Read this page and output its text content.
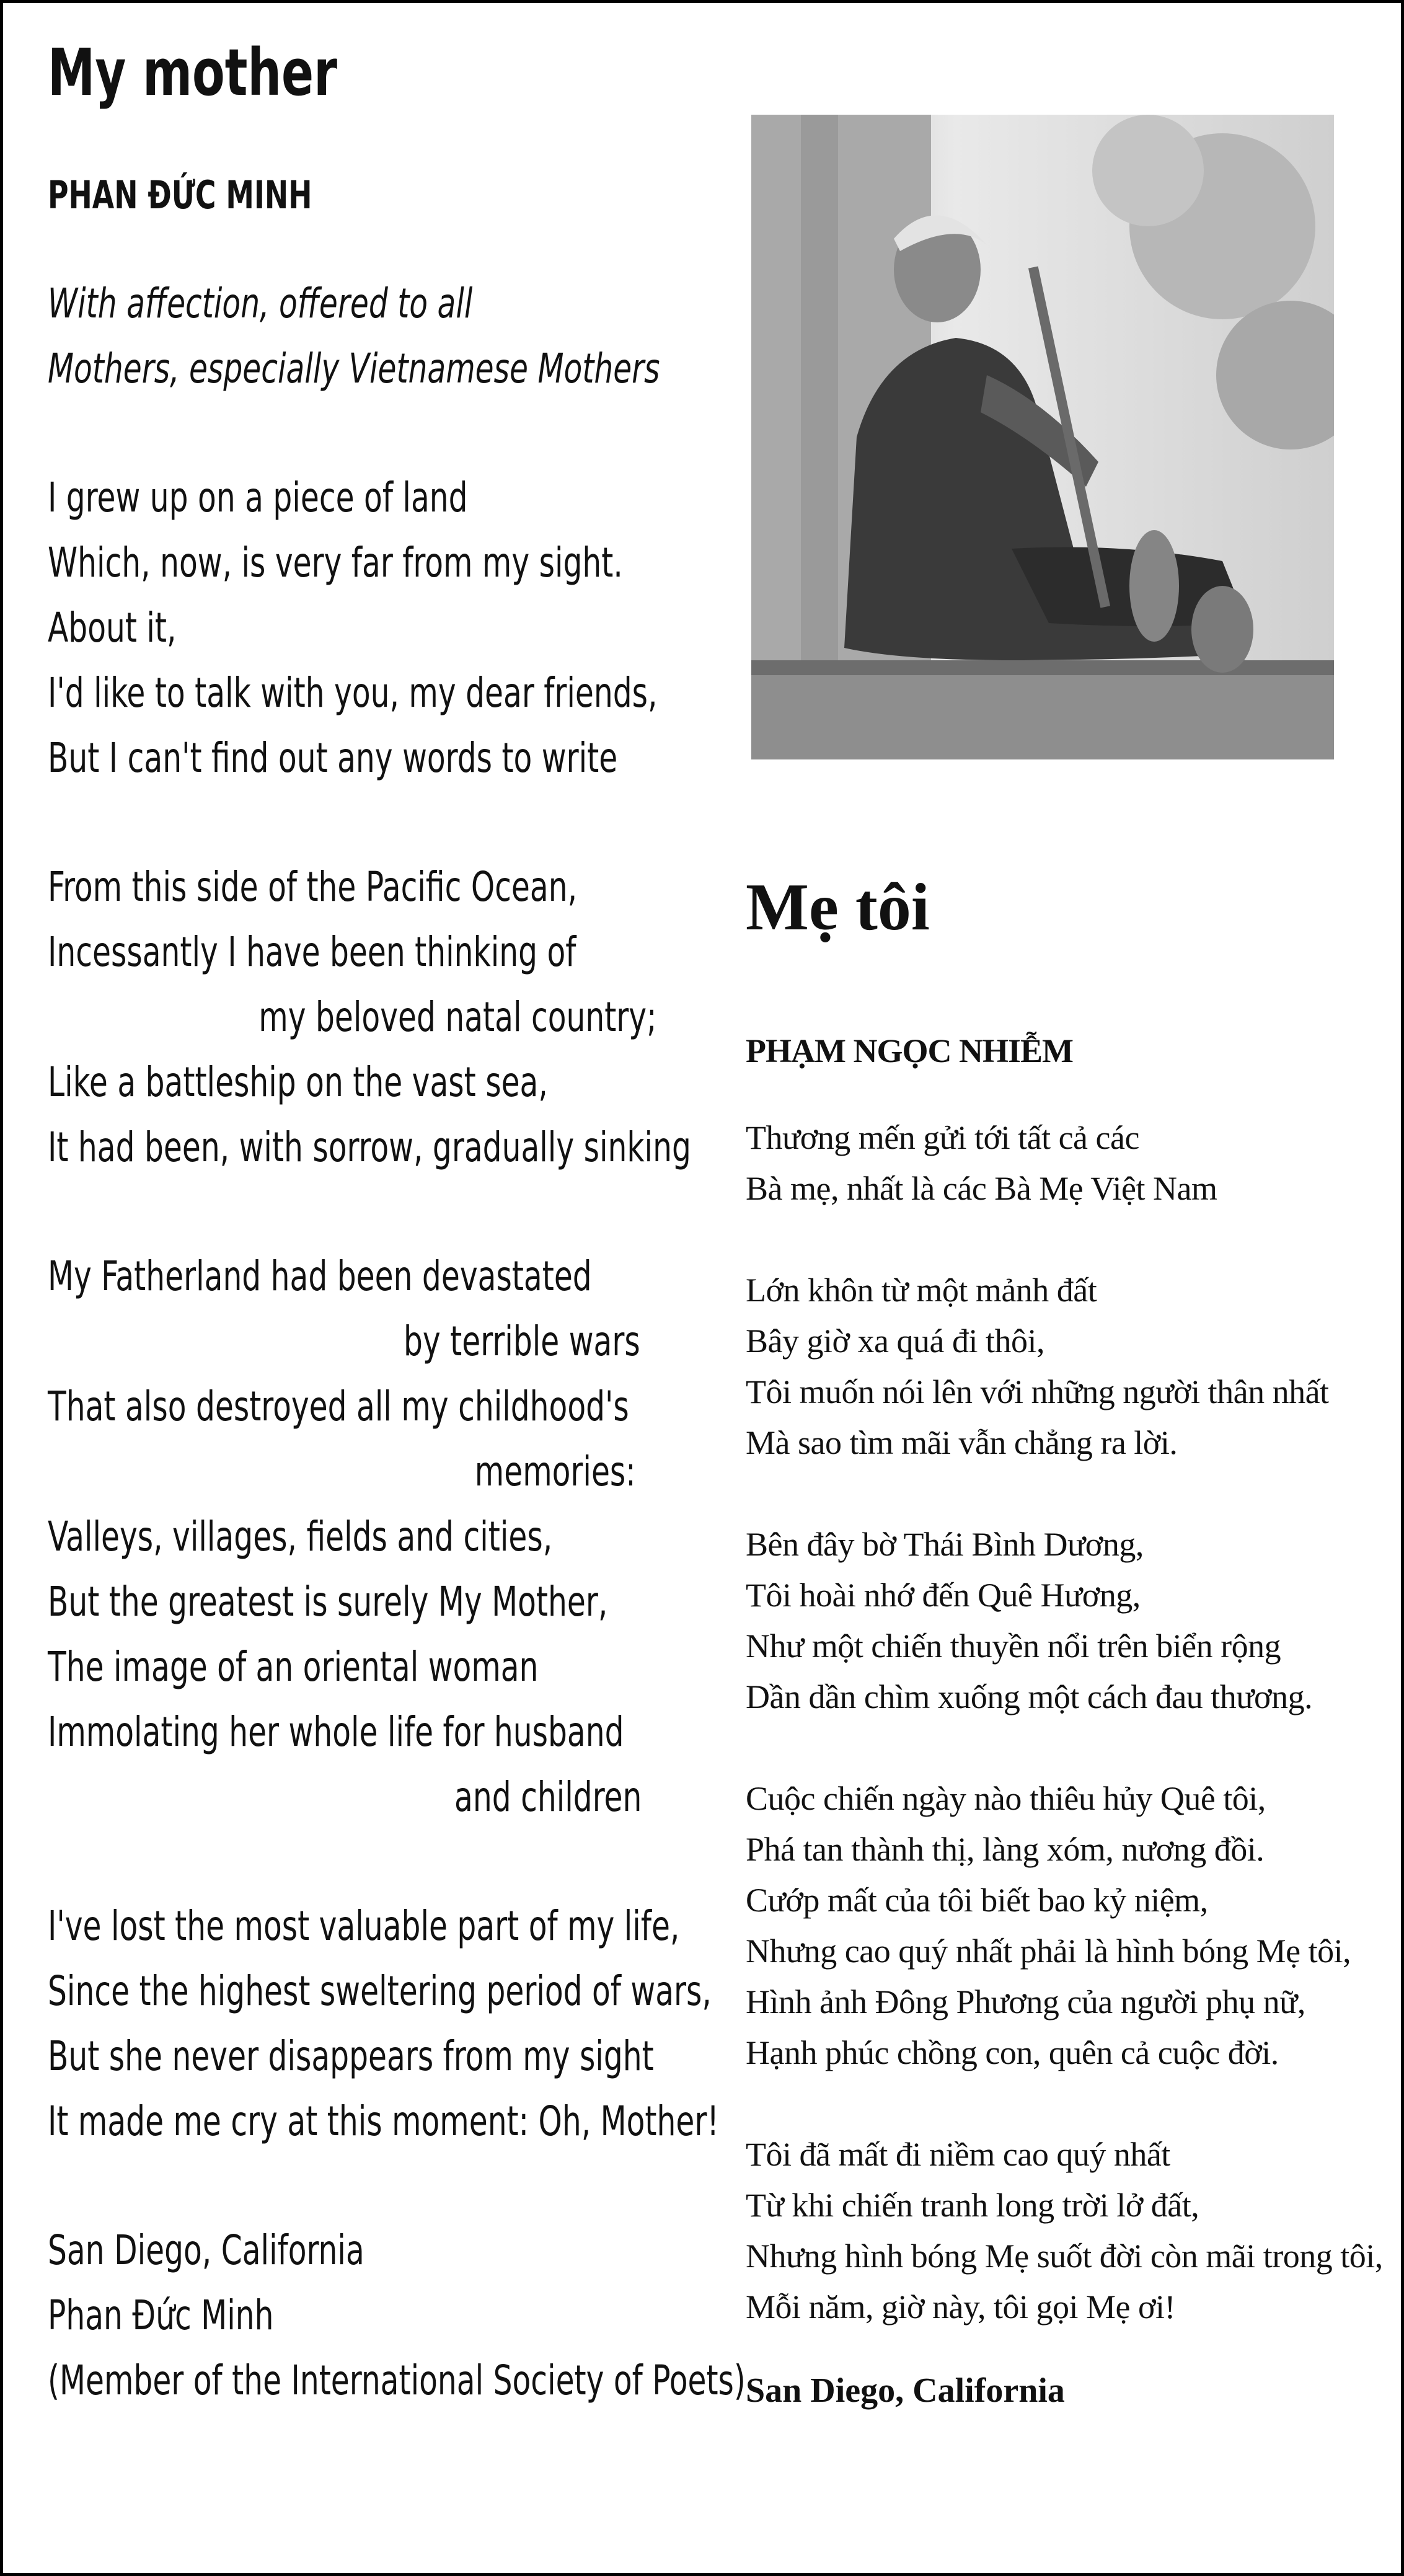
My mother
PHAN ĐỨC MINH
With affection, offered to all
Mothers, especially Vietnamese Mothers
I grew up on a piece of land
Which, now, is very far from my sight.
About it,
I'd like to talk with you, my dear friends,
But I can't find out any words to write
From this side of the Pacific Ocean,
Incessantly I have been thinking of
my beloved natal country;
Like a battleship on the vast sea,
It had been, with sorrow, gradually sinking
My Fatherland had been devastated
by terrible wars
That also destroyed all my childhood's
memories:
Valleys, villages, fields and cities,
But the greatest is surely My Mother,
The image of an oriental woman
Immolating her whole life for husband
and children
I've lost the most valuable part of my life,
Since the highest sweltering period of wars,
But she never disappears from my sight
It made me cry at this moment: Oh, Mother!
San Diego, California
Phan Đức Minh
(Member of the International Society of Poets)
Mẹ tôi
PHẠM NGỌC NHIỄM
Thương mến gửi tới tất cả các
Bà mẹ, nhất là các Bà Mẹ Việt Nam
Lớn khôn từ một mảnh đất
Bây giờ xa quá đi thôi,
Tôi muốn nói lên với những người thân nhất
Mà sao tìm mãi vẫn chẳng ra lời.
Bên đây bờ Thái Bình Dương,
Tôi hoài nhớ đến Quê Hương,
Như một chiến thuyền nổi trên biển rộng
Dần dần chìm xuống một cách đau thương.
Cuộc chiến ngày nào thiêu hủy Quê tôi,
Phá tan thành thị, làng xóm, nương đồi.
Cướp mất của tôi biết bao kỷ niệm,
Nhưng cao quý nhất phải là hình bóng Mẹ tôi,
Hình ảnh Đông Phương của người phụ nữ,
Hạnh phúc chồng con, quên cả cuộc đời.
Tôi đã mất đi niềm cao quý nhất
Từ khi chiến tranh long trời lở đất,
Nhưng hình bóng Mẹ suốt đời còn mãi trong tôi,
Mỗi năm, giờ này, tôi gọi Mẹ ơi!
San Diego, California
